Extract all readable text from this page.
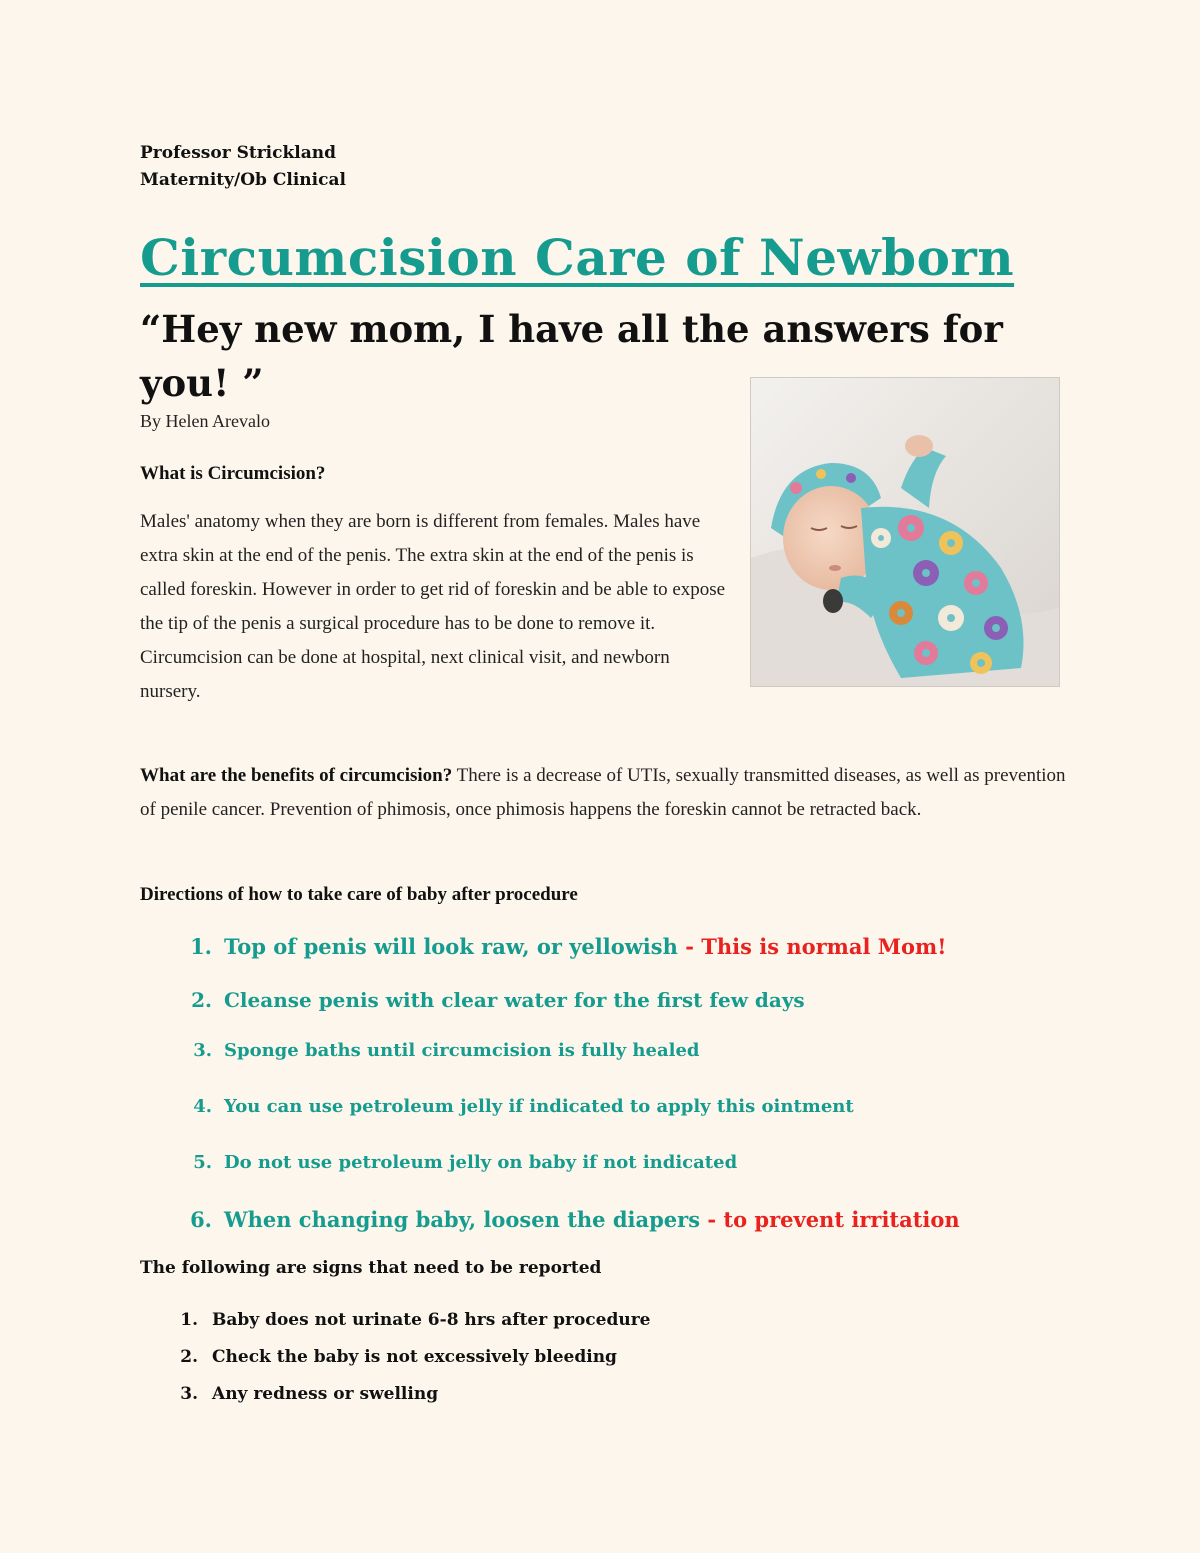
Professor Strickland
Maternity/Ob Clinical
Circumcision Care of Newborn
“Hey new mom, I have all the answers for you! ”
By Helen Arevalo
What is Circumcision?

Males' anatomy when they are born is different from females. Males have extra skin at the end of the penis. The extra skin at the end of the penis is called foreskin. However in order to get rid of foreskin and be able to expose the tip of the penis a surgical procedure has to be done to remove it. Circumcision can be done at hospital, next clinical visit, and newborn nursery.

What are the benefits of circumcision? There is a decrease of UTIs, sexually transmitted diseases, as well as prevention of penile cancer. Prevention of phimosis, once phimosis happens the foreskin cannot be retracted back.

Directions of how to take care of baby after procedure
1. Top of penis will look raw, or yellowish - This is normal Mom!
2. Cleanse penis with clear water for the first few days
3. Sponge baths until circumcision is fully healed
4. You can use petroleum jelly if indicated to apply this ointment
5. Do not use petroleum jelly on baby if not indicated
6. When changing baby, loosen the diapers - to prevent irritation
The following are signs that need to be reported
1. Baby does not urinate 6-8 hrs after procedure
2. Check the baby is not excessively bleeding
3. Any redness or swelling
